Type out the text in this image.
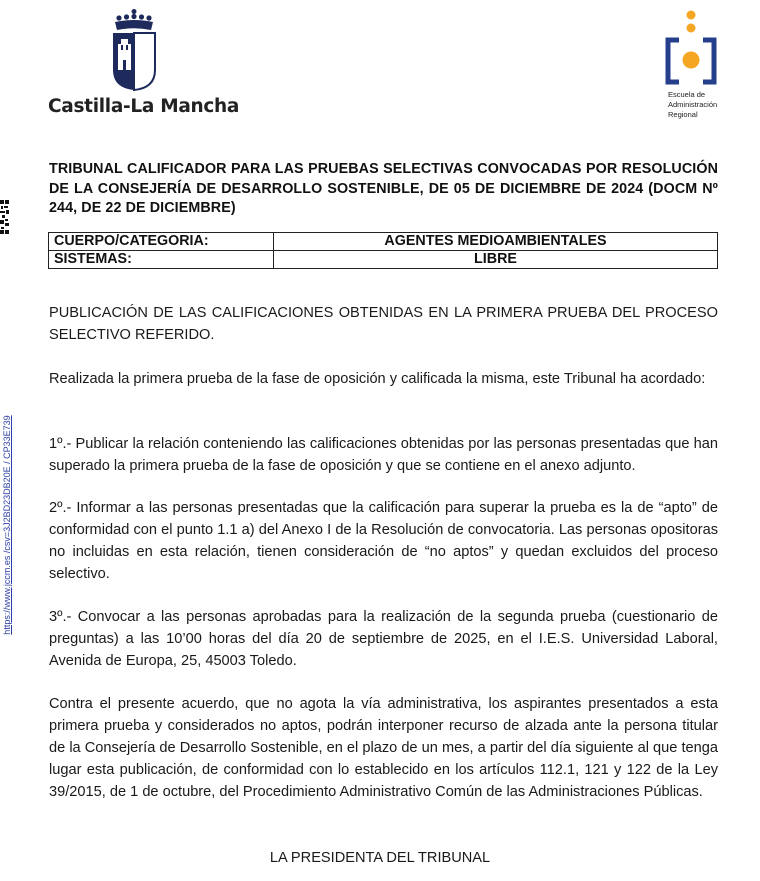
Castilla-La Mancha
Escuela de
Administración
Regional
https://www.jccm.es /csv=3J2BD23DB20E / CP33E739
TRIBUNAL CALIFICADOR PARA LAS PRUEBAS SELECTIVAS CONVOCADAS POR RESOLUCIÓN DE LA CONSEJERÍA DE DESARROLLO SOSTENIBLE, DE 05 DE DICIEMBRE DE 2024 (DOCM Nº 244, DE 22 DE DICIEMBRE)
CUERPO/CATEGORIA:	AGENTES MEDIOAMBIENTALES
SISTEMAS:	LIBRE
PUBLICACIÓN DE LAS CALIFICACIONES OBTENIDAS EN LA PRIMERA PRUEBA DEL PROCESO SELECTIVO REFERIDO.
Realizada la primera prueba de la fase de oposición y calificada la misma, este Tribunal ha acordado:
1º.- Publicar la relación conteniendo las calificaciones obtenidas por las personas presentadas que han superado la primera prueba de la fase de oposición y que se contiene en el anexo adjunto.
2º.- Informar a las personas presentadas que la calificación para superar la prueba es la de “apto” de conformidad con el punto 1.1 a) del Anexo I de la Resolución de convocatoria. Las personas opositoras no incluidas en esta relación, tienen consideración de “no aptos” y quedan excluidos del proceso selectivo.
3º.- Convocar a las personas aprobadas para la realización de la segunda prueba (cuestionario de preguntas) a las 10’00 horas del día 20 de septiembre de 2025, en el I.E.S. Universidad Laboral, Avenida de Europa, 25, 45003 Toledo.
Contra el presente acuerdo, que no agota la vía administrativa, los aspirantes presentados a esta primera prueba y considerados no aptos, podrán interponer recurso de alzada ante la persona titular de la Consejería de Desarrollo Sostenible, en el plazo de un mes, a partir del día siguiente al que tenga lugar esta publicación, de conformidad con lo establecido en los artículos 112.1, 121 y 122 de la Ley 39/2015, de 1 de octubre, del Procedimiento Administrativo Común de las Administraciones Públicas.
LA PRESIDENTA DEL TRIBUNAL
